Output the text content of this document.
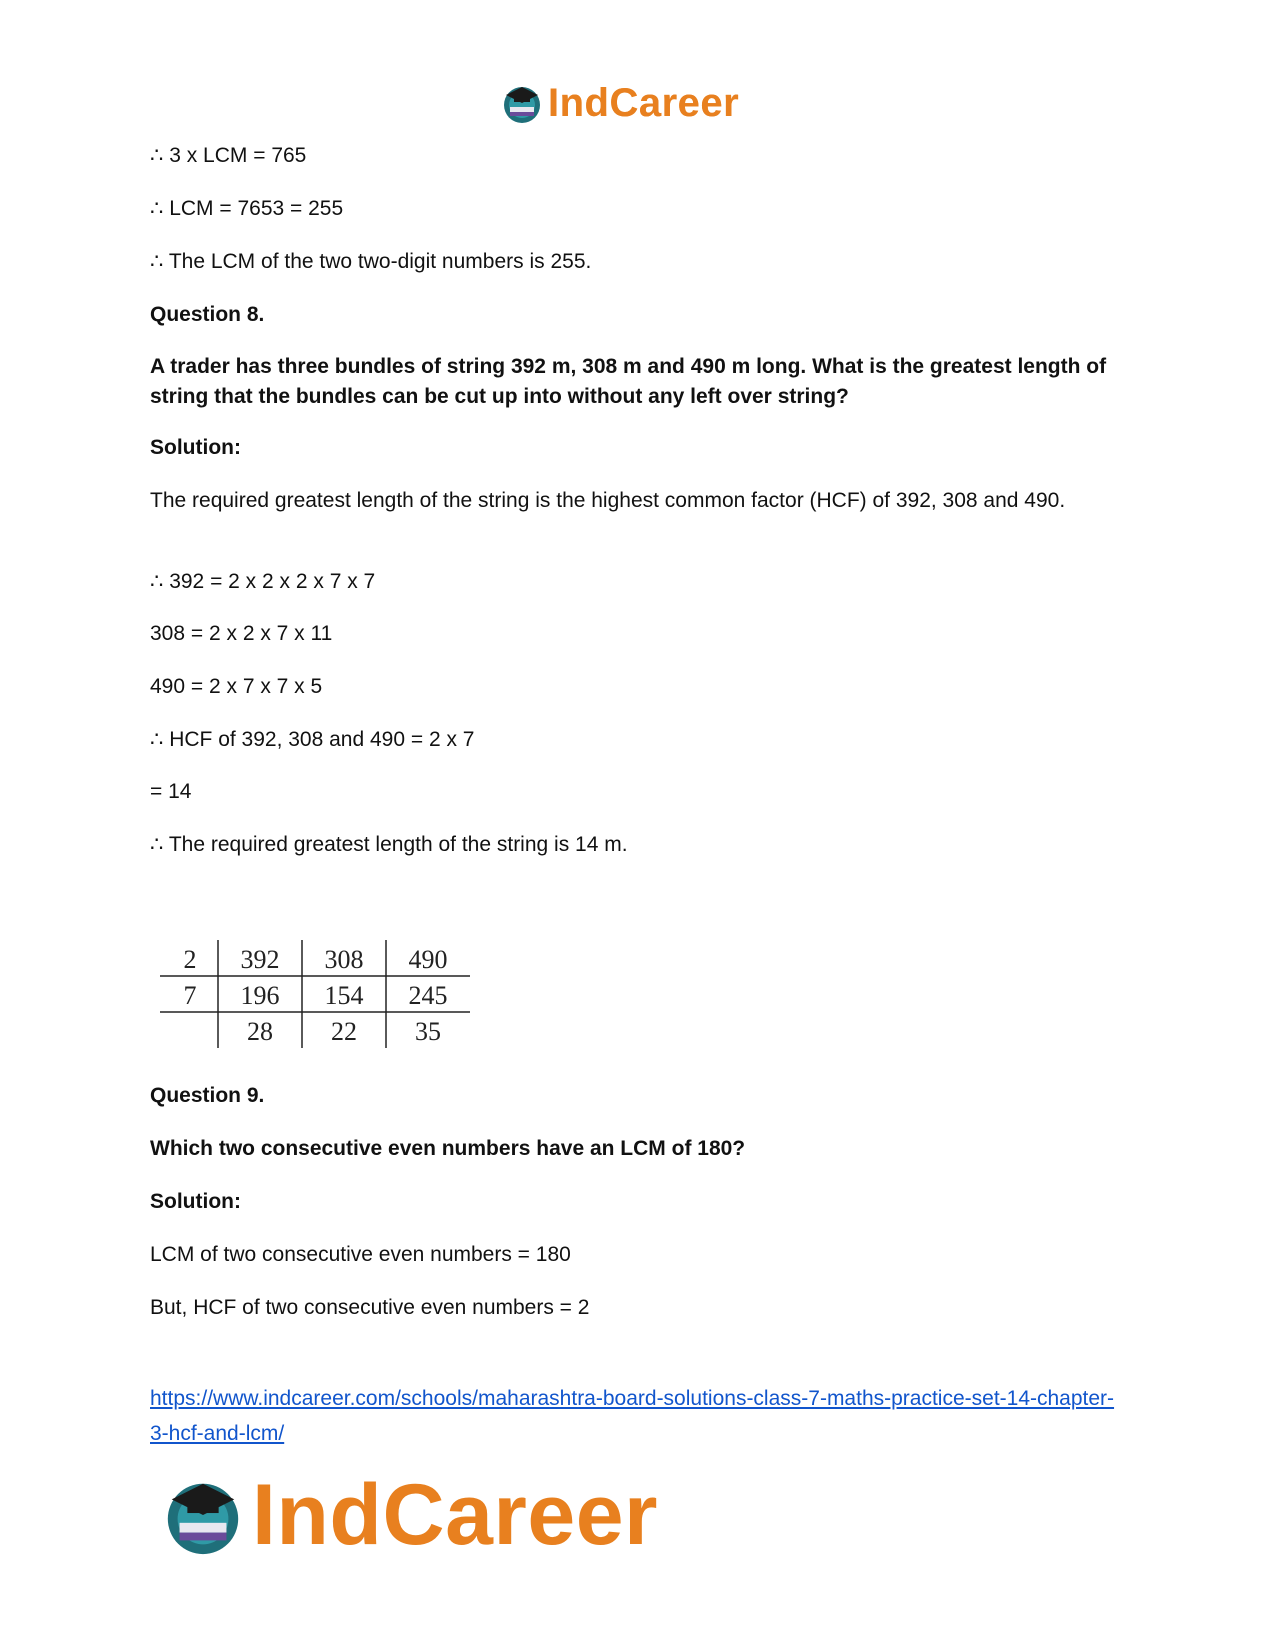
IndCareer
∴ 3 x LCM = 765
∴ LCM = 7653 = 255
∴ The LCM of the two two-digit numbers is 255.
Question 8.
A trader has three bundles of string 392 m, 308 m and 490 m long. What is the greatest length of string that the bundles can be cut up into without any left over string?
Solution:
The required greatest length of the string is the highest common factor (HCF) of 392, 308 and 490.
∴ 392 = 2 x 2 x 2 x 7 x 7
308 = 2 x 2 x 7 x 11
490 = 2 x 7 x 7 x 5
∴ HCF of 392, 308 and 490 = 2 x 7
= 14
∴ The required greatest length of the string is 14 m.
2
7
392 308 490
196 154 245
28 22 35
Question 9.
Which two consecutive even numbers have an LCM of 180?
Solution:
LCM of two consecutive even numbers = 180
But, HCF of two consecutive even numbers = 2
https://www.indcareer.com/schools/maharashtra-board-solutions-class-7-maths-practice-set-14-chapter-3-hcf-and-lcm/
IndCareer
